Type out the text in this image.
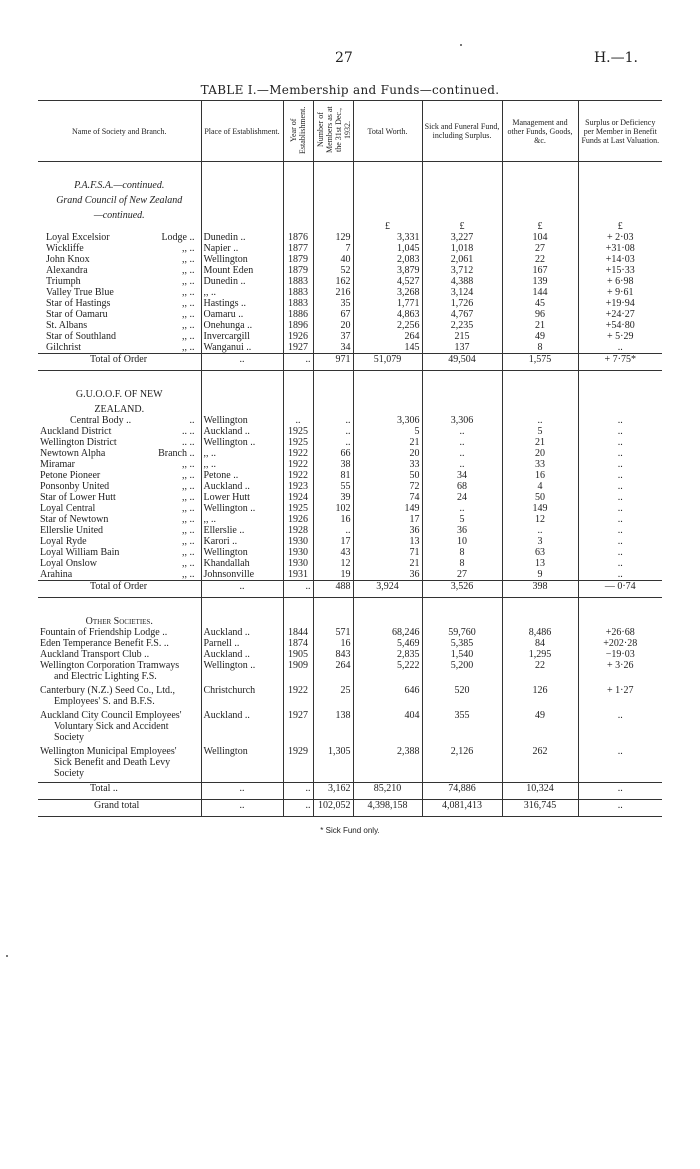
27	H.—1.
TABLE I.—Membership and Funds—continued.
Name of Society and Branch.	Place of Establishment.	Year of Establishment.	Number of Members as at the 31st Dec., 1932.	Total Worth.	Sick and Funeral Fund, including Surplus.	Management and other Funds, Goods, &c.	Surplus or Deficiency per Member in Benefit Funds at Last Valuation.

P.A.F.S.A.—continued.							
Grand Council of New Zealand							
—continued.							
				£	£	£	£
Loyal Excelsior Lodge ..	Dunedin ..	1876	129	3,331	3,227	104	+ 2·03
Wickliffe ,, ..	Napier ..	1877	7	1,045	1,018	27	+31·08
John Knox ,, ..	Wellington	1879	40	2,083	2,061	22	+14·03
Alexandra ,, ..	Mount Eden	1879	52	3,879	3,712	167	+15·33
Triumph ,, ..	Dunedin ..	1883	162	4,527	4,388	139	+ 6·98
Valley True Blue ,, ..	,, ..	1883	216	3,268	3,124	144	+ 9·61
Star of Hastings ,, ..	Hastings ..	1883	35	1,771	1,726	45	+19·94
Star of Oamaru ,, ..	Oamaru ..	1886	67	4,863	4,767	96	+24·27
St. Albans ,, ..	Onehunga ..	1896	20	2,256	2,235	21	+54·80
Star of Southland ,, ..	Invercargill	1926	37	264	215	49	+ 5·29
Gilchrist ,, ..	Wanganui ..	1927	34	145	137	8	..

Total of Order	..	..	971	51,079	49,504	1,575	+ 7·75*

G.U.O.O.F. OF NEW							
ZEALAND.							
Central Body .. ..	Wellington	..	..	3,306	3,306	..	..
Auckland District .. ..	Auckland ..	1925	..	5	..	5	..
Wellington District .. ..	Wellington ..	1925	..	21	..	21	..
Newtown Alpha Branch ..	,, ..	1922	66	20	..	20	..
Miramar ,, ..	,, ..	1922	38	33	..	33	..
Petone Pioneer ,, ..	Petone ..	1922	81	50	34	16	..
Ponsonby United ,, ..	Auckland ..	1923	55	72	68	4	..
Star of Lower Hutt ,, ..	Lower Hutt	1924	39	74	24	50	..
Loyal Central ,, ..	Wellington ..	1925	102	149	..	149	..
Star of Newtown ,, ..	,, ..	1926	16	17	5	12	..
Ellerslie United ,, ..	Ellerslie ..	1928	..	36	36	..	..
Loyal Ryde ,, ..	Karori ..	1930	17	13	10	3	..
Loyal William Bain ,, ..	Wellington	1930	43	71	8	63	..
Loyal Onslow ,, ..	Khandallah	1930	12	21	8	13	..
Arahina ,, ..	Johnsonville	1931	19	36	27	9	..

Total of Order	..	..	488	3,924	3,526	398	— 0·74

Other Societies.							

Fountain of Friendship Lodge ..	Auckland ..	1844	571	68,246	59,760	8,486	+26·68

Eden Temperance Benefit F.S. ..	Parnell ..	1874	16	5,469	5,385	84	+202·28

Auckland Transport Club ..	Auckland ..	1905	843	2,835	1,540	1,295	−19·03

Wellington Corporation Tramways
and Electric Lighting F.S.	Wellington ..	1909	264	5,222	5,200	22	+ 3·26

Canterbury (N.Z.) Seed Co., Ltd.,
Employees' S. and B.F.S.	Christchurch	1922	25	646	520	126	+ 1·27

Auckland City Council Employees'
Voluntary Sick and Accident
Society	Auckland ..	1927	138	404	355	49	..

Wellington Municipal Employees'
Sick Benefit and Death Levy
Society	Wellington	1929	1,305	2,388	2,126	262	..

Total ..	..	..	3,162	85,210	74,886	10,324	..
Grand total	..	..	102,052	4,398,158	4,081,413	316,745	..
* Sick Fund only.
